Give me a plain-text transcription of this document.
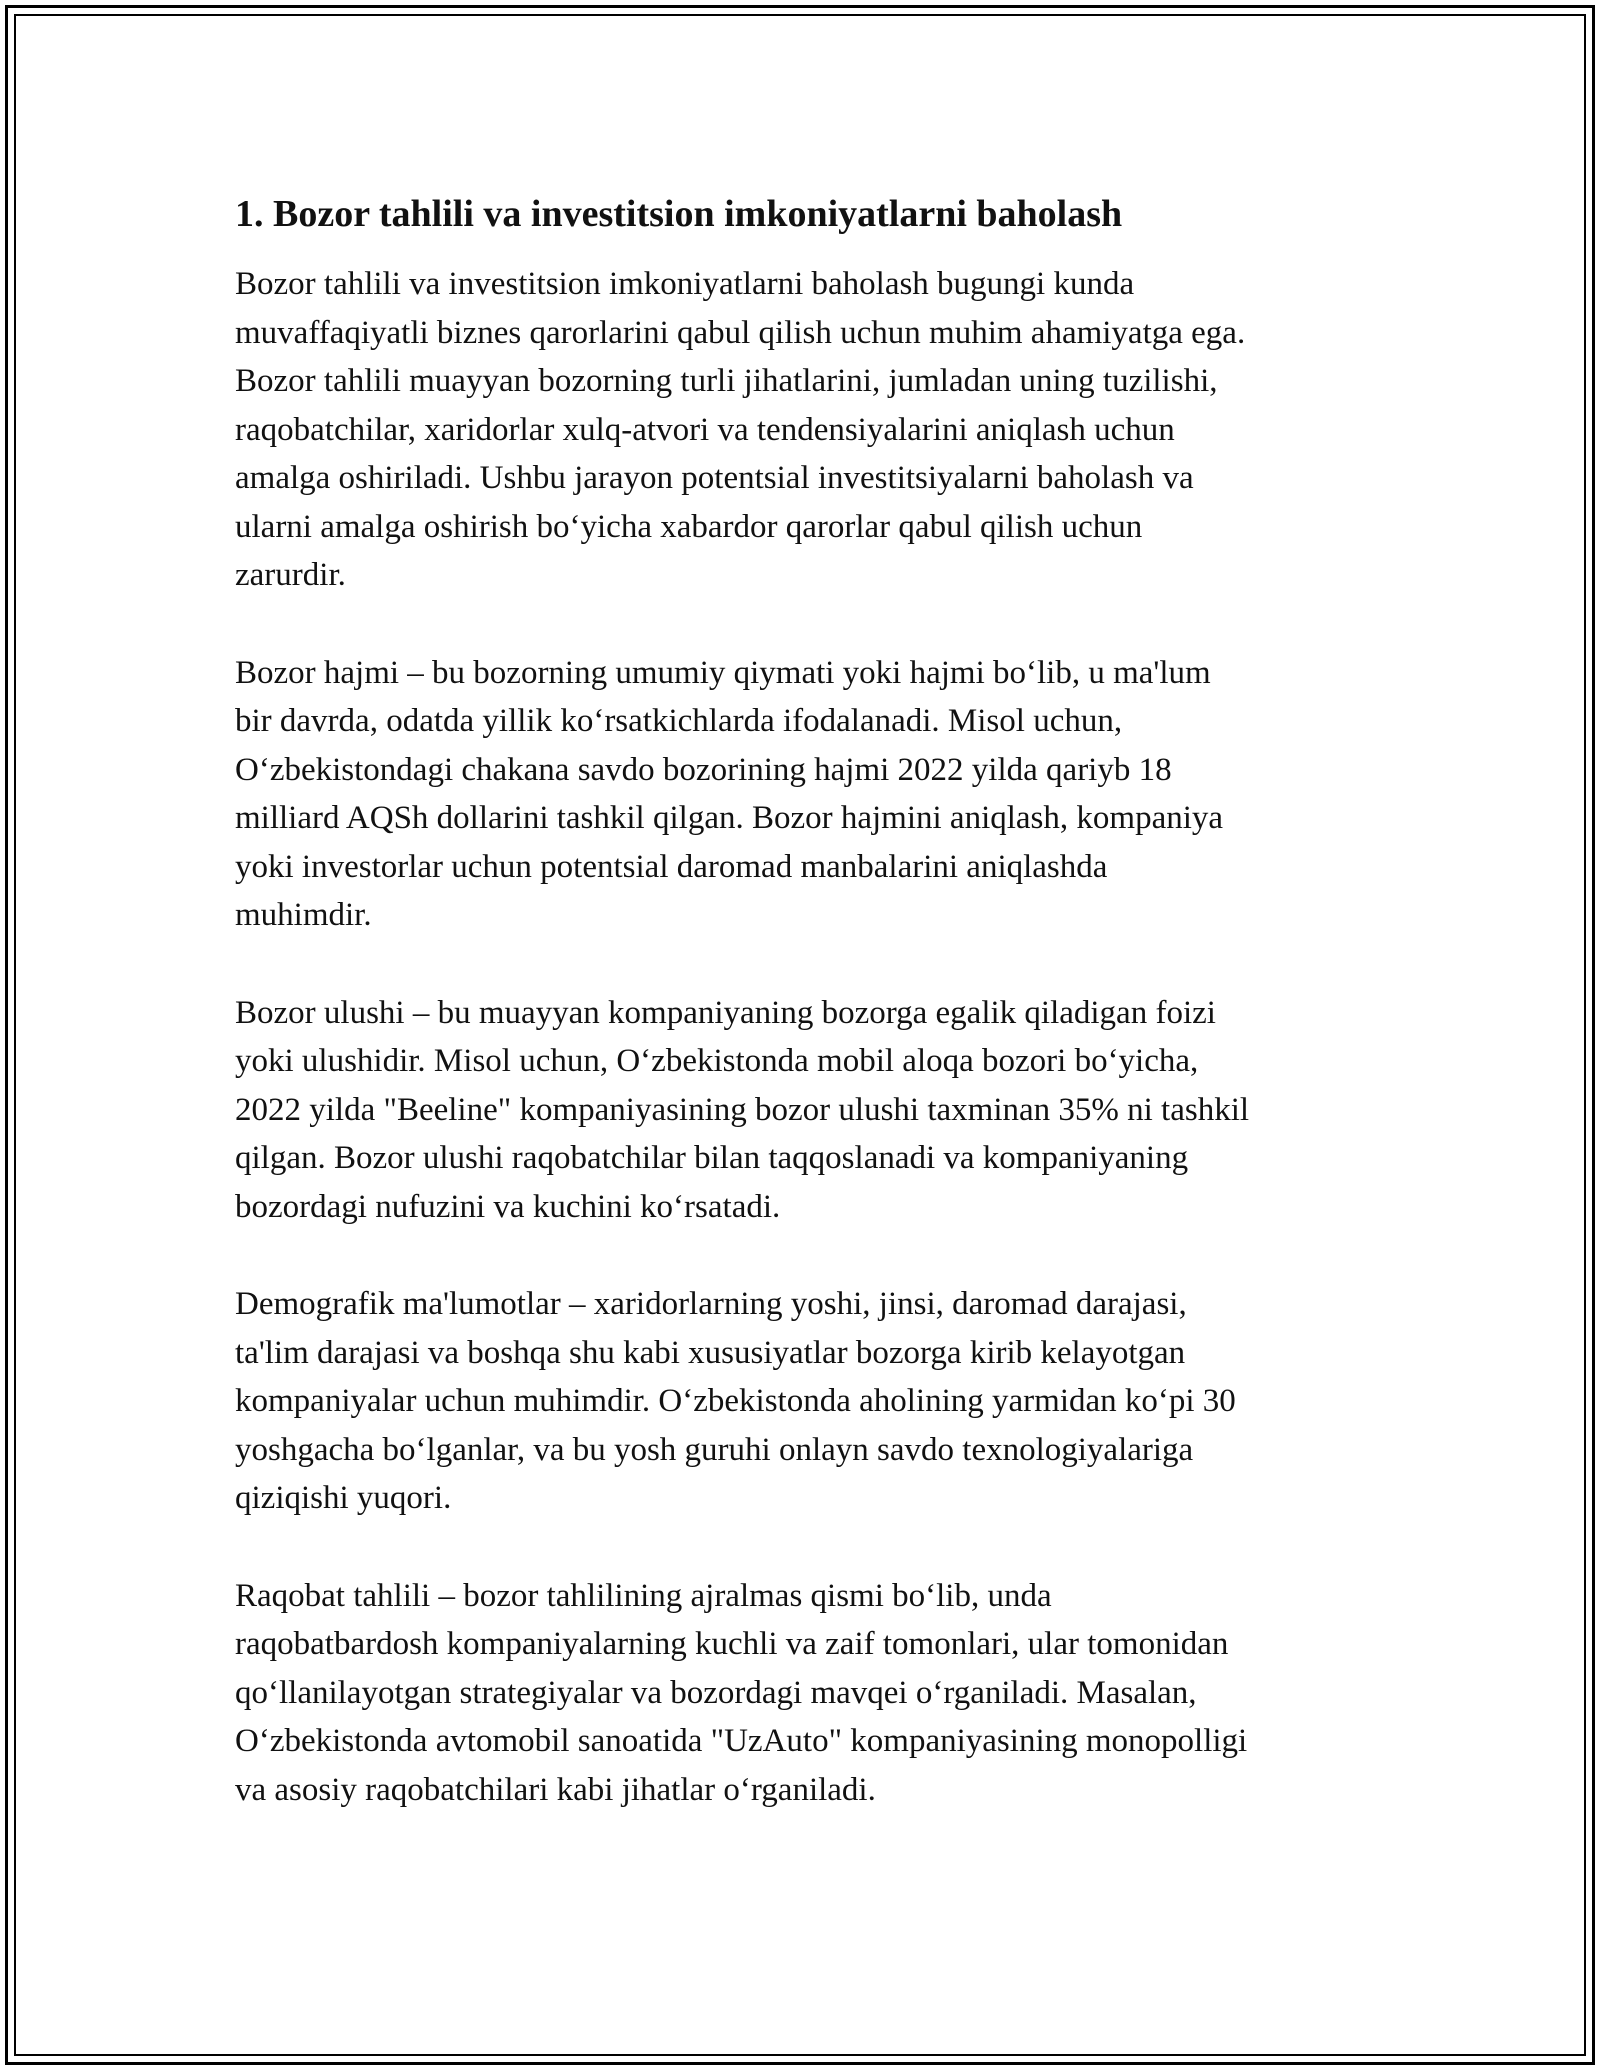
1. Bozor tahlili va investitsion imkoniyatlarni baholash

Bozor tahlili va investitsion imkoniyatlarni baholash bugungi kunda
muvaffaqiyatli biznes qarorlarini qabul qilish uchun muhim ahamiyatga ega.
Bozor tahlili muayyan bozorning turli jihatlarini, jumladan uning tuzilishi,
raqobatchilar, xaridorlar xulq-atvori va tendensiyalarini aniqlash uchun
amalga oshiriladi. Ushbu jarayon potentsial investitsiyalarni baholash va
ularni amalga oshirish boʻyicha xabardor qarorlar qabul qilish uchun
zarurdir.

Bozor hajmi – bu bozorning umumiy qiymati yoki hajmi boʻlib, u ma'lum
bir davrda, odatda yillik koʻrsatkichlarda ifodalanadi. Misol uchun,
Oʻzbekistondagi chakana savdo bozorining hajmi 2022 yilda qariyb 18
milliard AQSh dollarini tashkil qilgan. Bozor hajmini aniqlash, kompaniya
yoki investorlar uchun potentsial daromad manbalarini aniqlashda
muhimdir.

Bozor ulushi – bu muayyan kompaniyaning bozorga egalik qiladigan foizi
yoki ulushidir. Misol uchun, Oʻzbekistonda mobil aloqa bozori boʻyicha,
2022 yilda "Beeline" kompaniyasining bozor ulushi taxminan 35% ni tashkil
qilgan. Bozor ulushi raqobatchilar bilan taqqoslanadi va kompaniyaning
bozordagi nufuzini va kuchini koʻrsatadi.

Demografik ma'lumotlar – xaridorlarning yoshi, jinsi, daromad darajasi,
ta'lim darajasi va boshqa shu kabi xususiyatlar bozorga kirib kelayotgan
kompaniyalar uchun muhimdir. Oʻzbekistonda aholining yarmidan koʻpi 30
yoshgacha boʻlganlar, va bu yosh guruhi onlayn savdo texnologiyalariga
qiziqishi yuqori.

Raqobat tahlili – bozor tahlilining ajralmas qismi boʻlib, unda
raqobatbardosh kompaniyalarning kuchli va zaif tomonlari, ular tomonidan
qoʻllanilayotgan strategiyalar va bozordagi mavqei oʻrganiladi. Masalan,
Oʻzbekistonda avtomobil sanoatida "UzAuto" kompaniyasining monopolligi
va asosiy raqobatchilari kabi jihatlar oʻrganiladi.
